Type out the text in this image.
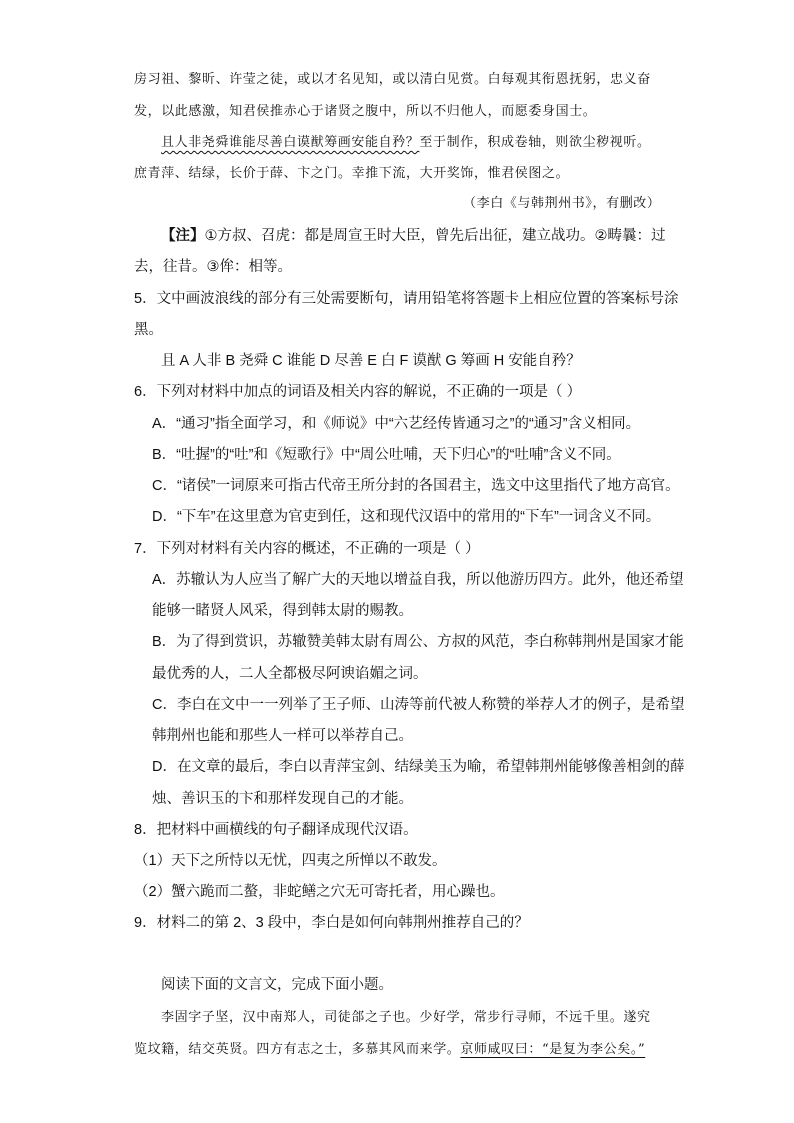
房习祖、黎昕、许莹之徒，或以才名见知，或以清白见赏。白每观其衔恩抚躬，忠义奋
发，以此感激，知君侯推赤心于诸贤之腹中，所以不归他人，而愿委身国士。
且人非尧舜谁能尽善白谟猷筹画安能自矜？至于制作，积成卷轴，则欲尘秽视听。
庶青萍、结绿，长价于薛、卞之门。幸推下流，大开奖饰，惟君侯图之。
（李白《与韩荆州书》，有删改）
【注】①方叔、召虎：都是周宣王时大臣，曾先后出征，建立战功。②畴曩：过
去，往昔。③侔：相等。
5．文中画波浪线的部分有三处需要断句，请用铅笔将答题卡上相应位置的答案标号涂
黑。
且 A 人非 B 尧舜 C 谁能 D 尽善 E 白 F 谟猷 G 筹画 H 安能自矜？
6．下列对材料中加点的词语及相关内容的解说，不正确的一项是（ ）
A．“通习”指全面学习，和《师说》中“六艺经传皆通习之”的“通习”含义相同。
B．“吐握”的“吐”和《短歌行》中“周公吐哺，天下归心”的“吐哺”含义不同。
C．“诸侯”一词原来可指古代帝王所分封的各国君主，选文中这里指代了地方高官。
D．“下车”在这里意为官吏到任，这和现代汉语中的常用的“下车”一词含义不同。
7．下列对材料有关内容的概述，不正确的一项是（ ）
A．苏辙认为人应当了解广大的天地以增益自我，所以他游历四方。此外，他还希望
能够一睹贤人风采，得到韩太尉的赐教。
B．为了得到赏识，苏辙赞美韩太尉有周公、方叔的风范，李白称韩荆州是国家才能
最优秀的人，二人全都极尽阿谀谄媚之词。
C．李白在文中一一列举了王子师、山涛等前代被人称赞的举荐人才的例子，是希望
韩荆州也能和那些人一样可以举荐自己。
D．在文章的最后，李白以青萍宝剑、结绿美玉为喻，希望韩荆州能够像善相剑的薛
烛、善识玉的卞和那样发现自己的才能。
8．把材料中画横线的句子翻译成现代汉语。
（1）天下之所恃以无忧，四夷之所惮以不敢发。
（2）蟹六跪而二螯，非蛇鳝之穴无可寄托者，用心躁也。
9．材料二的第 2、3 段中，李白是如何向韩荆州推荐自己的？
阅读下面的文言文，完成下面小题。
李固字子坚，汉中南郑人，司徒郃之子也。少好学，常步行寻师，不远千里。遂究
览坟籍，结交英贤。四方有志之士，多慕其风而来学。京师咸叹曰：“是复为李公矣。”
